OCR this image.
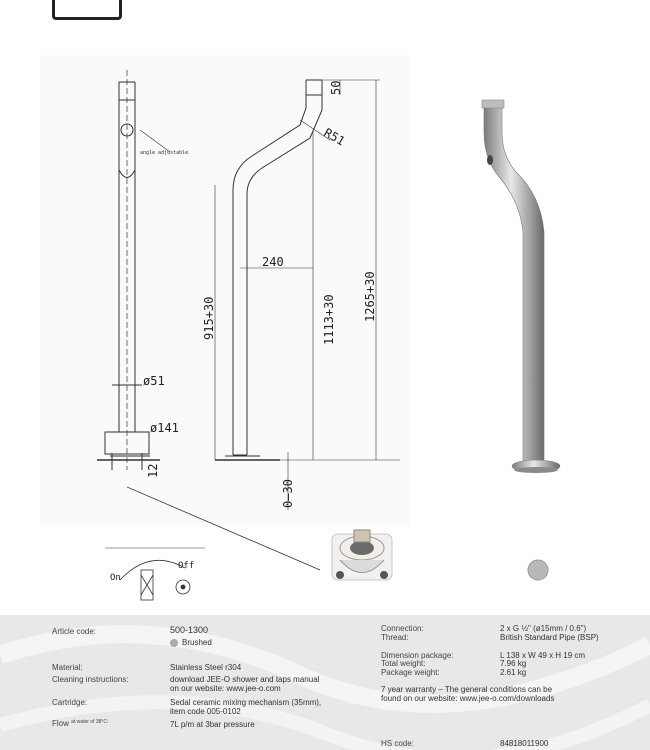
angle adjustable
ø51
ø141
12
50
R51
240
915+30	1113+30 1265+30
0–30
On
Off
Article code:	500-1300
Brushed
Material:	Stainless Steel r304
Cleaning instructions:	download JEE-O shower and taps manual
on our website: www.jee-o.com
Cartridge:	Sedal ceramic mixing mechanism (35mm),
item code 005-0102
Flow $^{at water of 38^\circ C:}$	7L p/m at 3bar pressure
Connection:	2 x G ½" (ø15mm / 0.6")
Thread:	British Standard Pipe (BSP)
Dimension package:	L 138 x W 49 x H 19 cm
Total weight:	7.96 kg
Package weight:	2.61 kg
7 year warranty – The general conditions can be
found on our website: www.jee-o.com/downloads
HS code:	84818011900
